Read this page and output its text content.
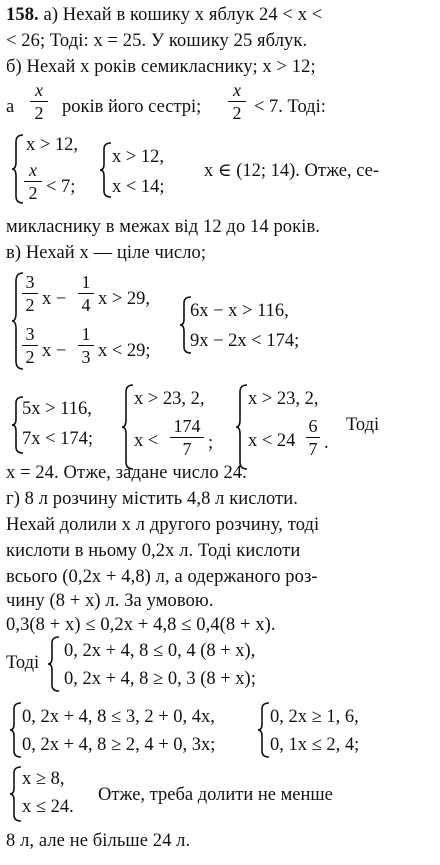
158. а) Нехай в кошику x яблук 24 < x <
< 26; Тоді: x = 25. У кошику 25 яблук.
б) Нехай x років семикласнику; x > 12;
а
x
2 років його сестрі;
x
2 < 7. Тоді:
x > 12,
x
2 < 7;
x > 12,
x < 14;
x ∈ (12; 14). Отже, се-
микласнику в межах від 12 до 14 років.
в) Нехай x — ціле число;
3
2 x −
1
4 x > 29,
3
2 x −
1
3 x < 29;
6x − x > 116,
9x − 2x < 174;
5x > 116,
7x < 174;
x > 23, 2,
x <
174
7 ;
x > 23, 2,
x < 24
6
7 .
Тоді
x = 24. Отже, задане число 24.
г) 8 л розчину містить 4,8 л кислоти.
Нехай долили x л другого розчину, тоді
кислоти в ньому 0,2x л. Тоді кислоти
всього (0,2x + 4,8) л, а одержаного роз-
чину (8 + x) л. За умовою.
0,3(8 + x) ≤ 0,2x + 4,8 ≤ 0,4(8 + x).
Тоді
0, 2x + 4, 8 ≤ 0, 4 (8 + x),
0, 2x + 4, 8 ≥ 0, 3 (8 + x);
0, 2x + 4, 8 ≤ 3, 2 + 0, 4x,
0, 2x + 4, 8 ≥ 2, 4 + 0, 3x;
0, 2x ≥ 1, 6,
0, 1x ≤ 2, 4;
x ≥ 8,
x ≤ 24.
Отже, треба долити не менше
8 л, але не більше 24 л.
